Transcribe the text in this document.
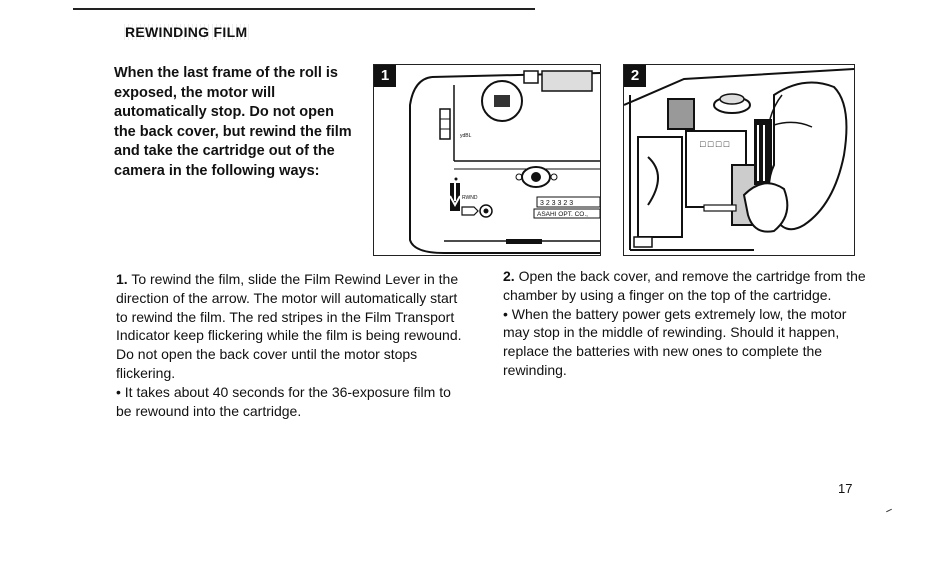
REWINDING FILM

When the last frame of the roll is exposed, the motor will automatically stop. Do not open the back cover, but rewind the film and take the cartridge out of the camera in the following ways:

ydBL
3 2 3 3 2 3
ASAHI OPT. CO.,
RWND
1
□ □ □ □
2

1. To rewind the film, slide the Film Rewind Lever in the direction of the arrow. The motor will automatically start to rewind the film. The red stripes in the Film Transport Indicator keep flickering while the film is being rewound. Do not open the back cover until the motor stops flickering.

• It takes about 40 seconds for the 36-exposure film to be rewound into the cartridge.

2. Open the back cover, and remove the cartridge from the chamber by using a finger on the top of the cartridge.

• When the battery power gets extremely low, the motor may stop in the middle of rewinding. Should it happen, replace the batteries with new ones to complete the rewinding.

17
